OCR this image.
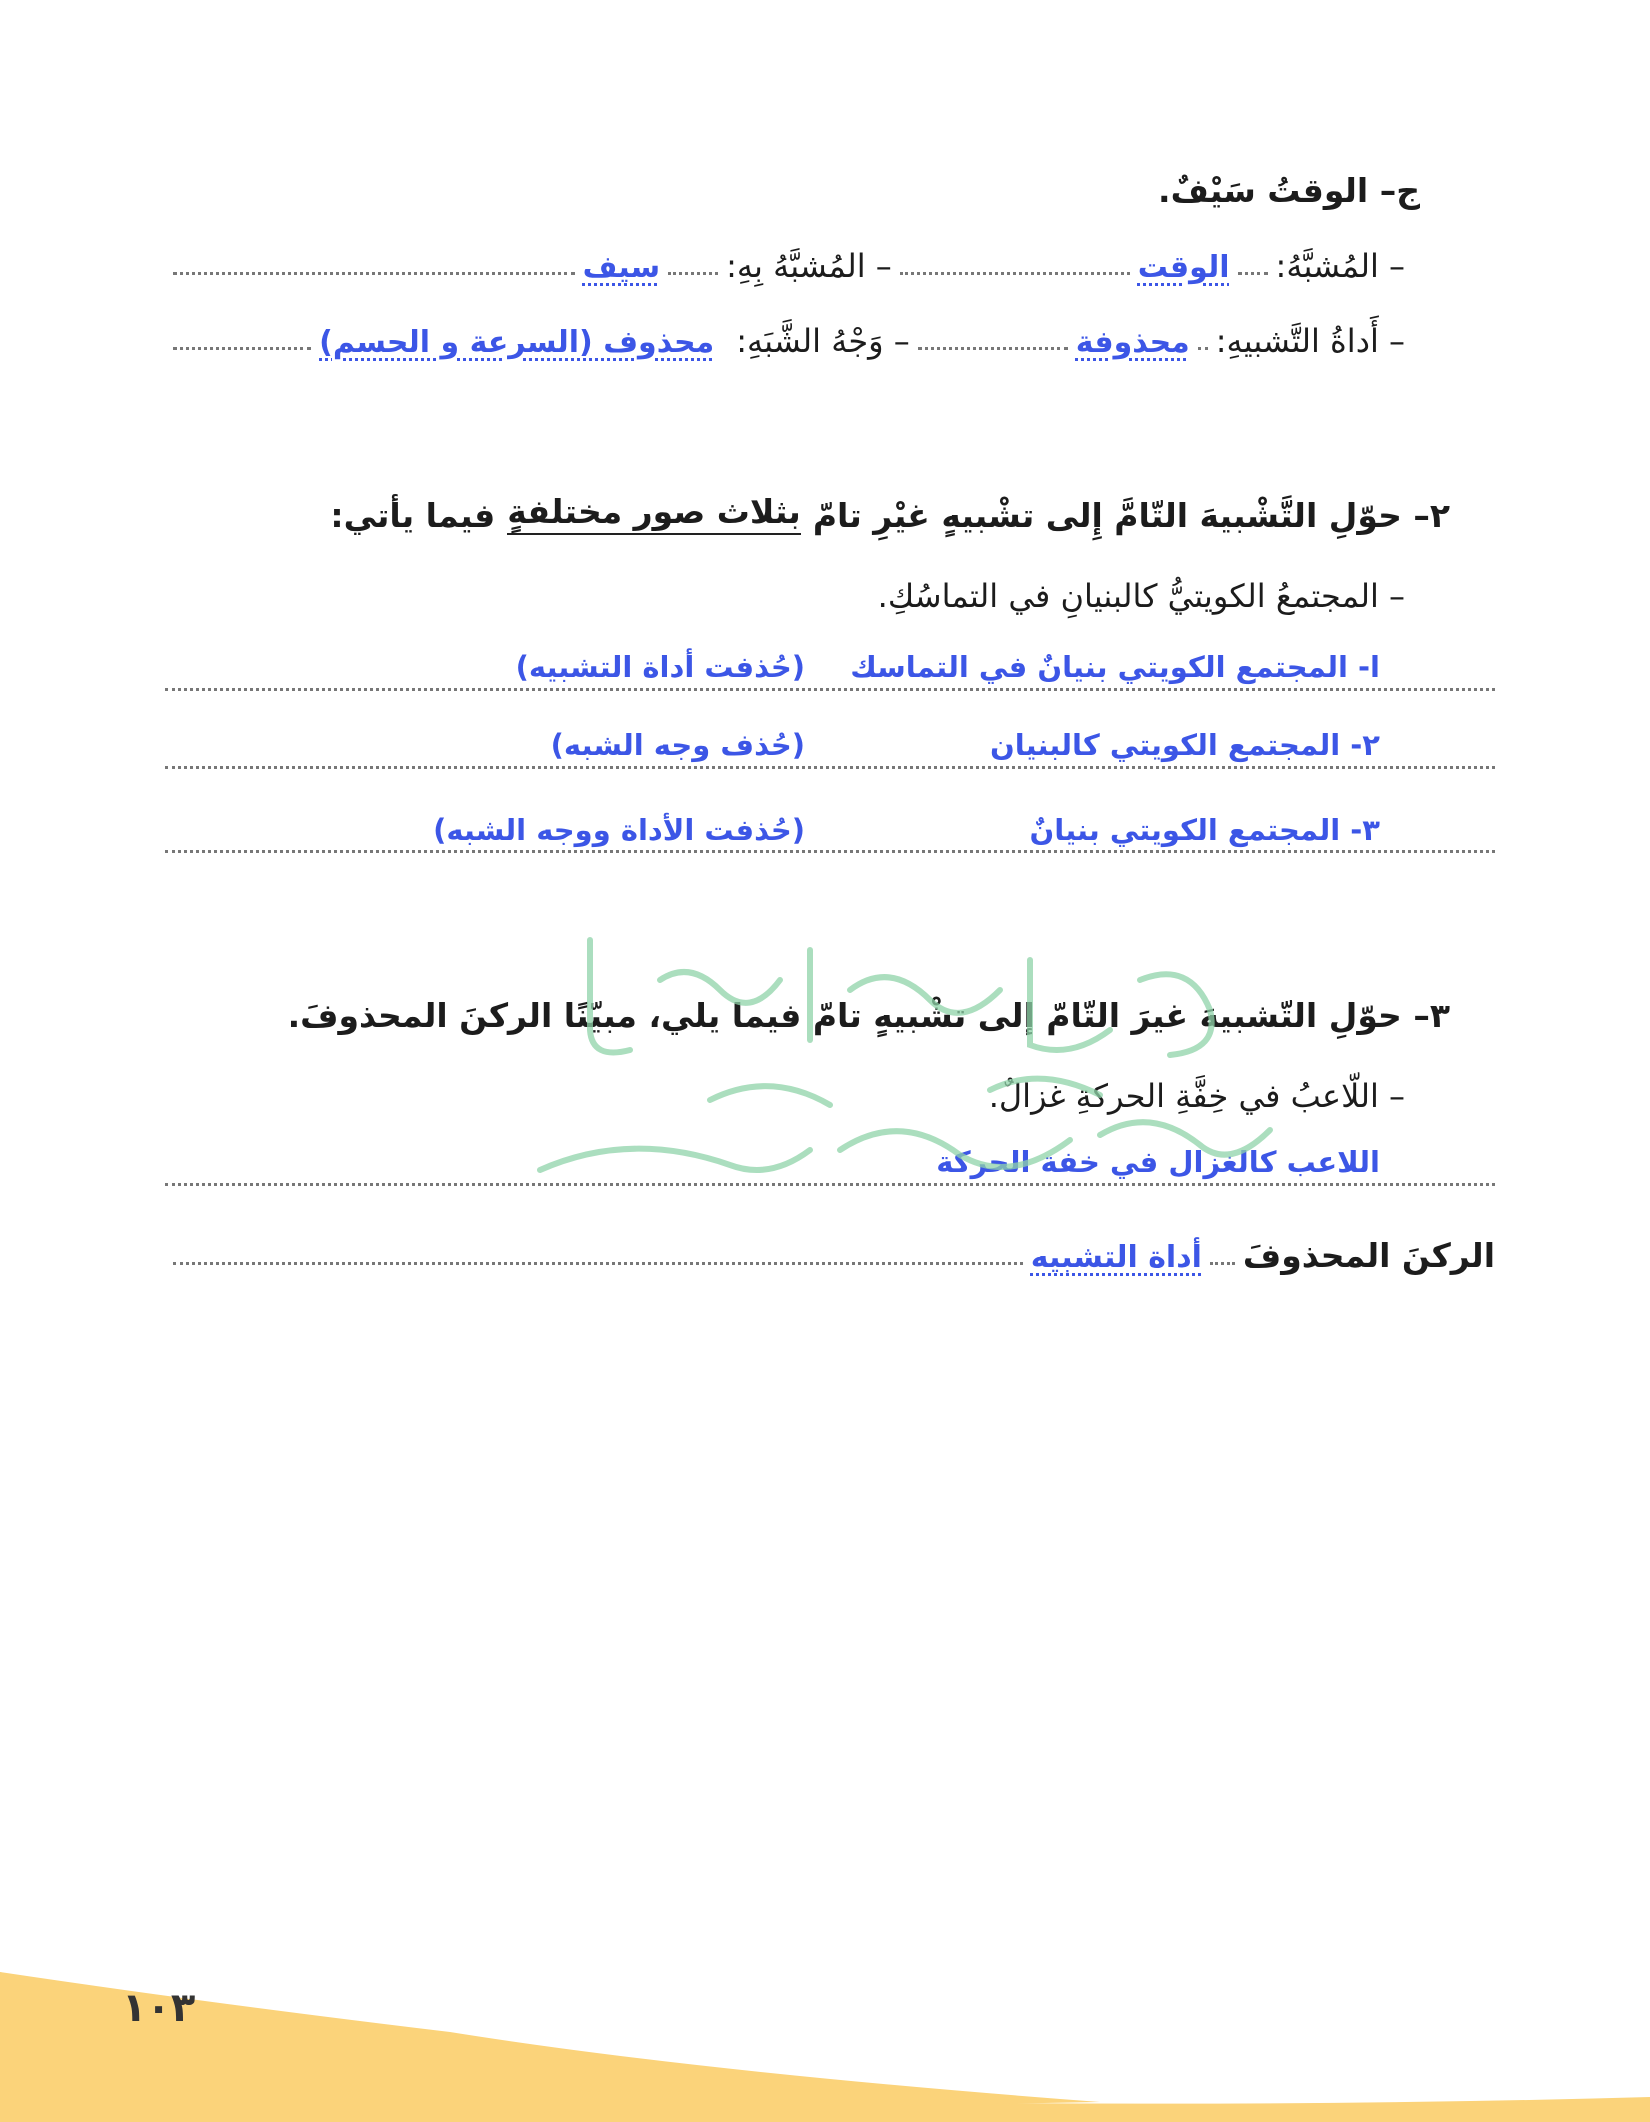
ج– الوقتُ سَيْفٌ.
– المُشبَّهُ:
الوقت
– المُشبَّهُ بِهِ:
سيف
– أَداةُ التَّشبيهِ:
محذوفة
– وَجْهُ الشَّبَهِ:
محذوف (السرعة و الحسم)
٢– حوّلِ التَّشْبيهَ التّامَّ إِلى تشْبيهٍ غيْرِ تامّ
بثلاث صور مختلفةٍ
فيما يأتي:
– المجتمعُ الكويتيُّ كالبنيانِ في التماسُكِ.
ا- المجتمع الكويتي بنيانٌ في التماسك
(حُذفت أداة التشبيه)
٢- المجتمع الكويتي كالبنيان
(حُذف وجه الشبه)
٣- المجتمع الكويتي بنيانٌ
(حُذفت الأداة ووجه الشبه)
٣– حوّلِ التّشبيهَ غيرَ التّامّ إلى تشْبيهٍ تامّ فيما يلي، مبيّنًا الركنَ المحذوفَ.
– اللّاعبُ في خِفَّةِ الحركةِ غزالٌ.
اللاعب كالغزال في خفة الحركة
الركنَ المحذوفَ
أداة التشبيه
١٠٣
